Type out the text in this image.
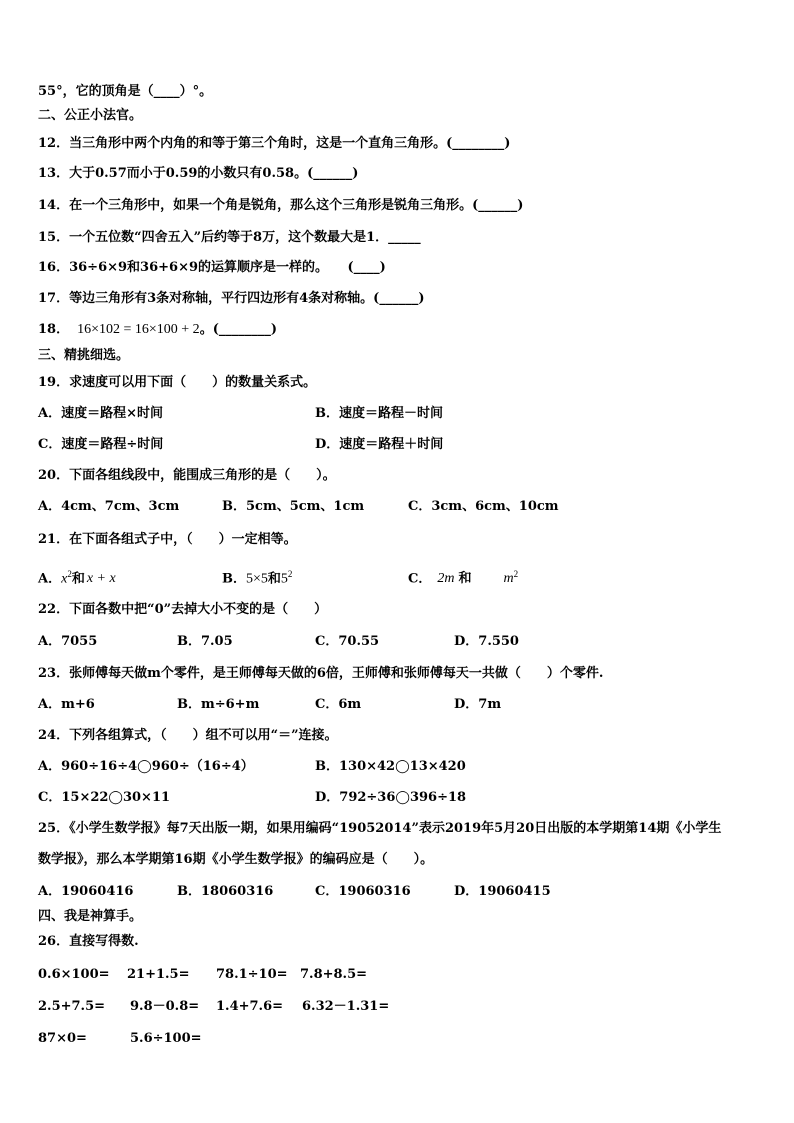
55°，它的顶角是（____）°。
二、公正小法官。
12．当三角形中两个内角的和等于第三个角时，这是一个直角三角形。(________)
13．大于0.57而小于0.59的小数只有0.58。(______)
14．在一个三角形中，如果一个角是锐角，那么这个三角形是锐角三角形。(______)
15．一个五位数“四舍五入”后约等于8万，这个数最大是1．_____
16．36÷6×9和36+6×9的运算顺序是一样的。　　(____)
17．等边三角形有3条对称轴，平行四边形有4条对称轴。(______)
18． 16×102 = 16×100 + 2。(________)
三、精挑细选。
19．求速度可以用下面（　　）的数量关系式。
A．速度＝路程×时间	B．速度＝路程－时间
C．速度＝路程÷时间	D．速度＝路程＋时间
20．下面各组线段中，能围成三角形的是（　　）。
A．4cm、7cm、3cm	B．5cm、5cm、1cm	C．3cm、6cm、10cm
21．在下面各组式子中，（　　）一定相等。
A．$x^2$和 x + x	B．5×5和$5^2$	C． 2m 和 $m^2$
22．下面各数中把“0”去掉大小不变的是（　　）
A．7055	B．7.05	C．70.55	D．7.550
23．张师傅每天做m个零件，是王师傅每天做的6倍，王师傅和张师傅每天一共做（　　）个零件.
A．m+6	B．m÷6+m	C．6m	D．7m
24．下列各组算式，（　　）组不可以用“＝”连接。
A．960÷16÷4◯960÷（16÷4）	B．130×42◯13×420
C．15×22◯30×11	D．792÷36◯396÷18
25．《小学生数学报》每7天出版一期，如果用编码“19052014”表示2019年5月20日出版的本学期第14期《小学生
数学报》，那么本学期第16期《小学生数学报》的编码应是（　　）。
A．19060416	B．18060316	C．19060316	D．19060415
四、我是神算手。
26．直接写得数.
0.6×100= 21+1.5= 78.1÷10= 7.8+8.5=
2.5+7.5= 9.8－0.8= 1.4+7.6= 6.32－1.31=
87×0=	5.6÷100=
